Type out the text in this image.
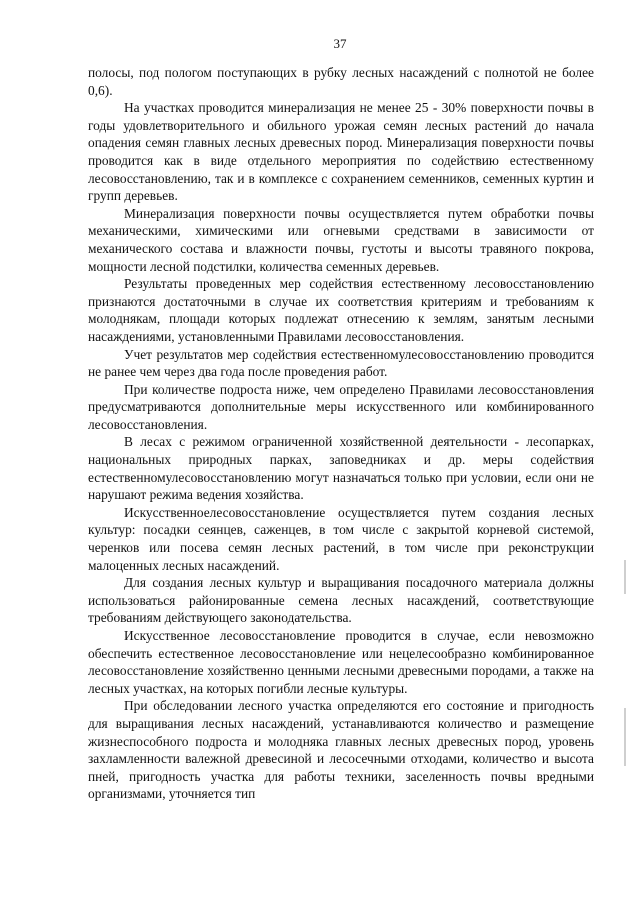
37

полосы, под пологом поступающих в рубку лесных насаждений с полнотой не более 0,6).

На участках проводится минерализация не менее 25 - 30% поверхности почвы в годы удовлетворительного и обильного урожая семян лесных растений до начала опадения семян главных лесных древесных пород. Минерализация поверхности почвы проводится как в виде отдельного мероприятия по содействию естественному лесовосстановлению, так и в комплексе с сохранением семенников, семенных куртин и групп деревьев.

Минерализация поверхности почвы осуществляется путем обработки почвы механическими, химическими или огневыми средствами в зависимости от механического состава и влажности почвы, густоты и высоты травяного покрова, мощности лесной подстилки, количества семенных деревьев.

Результаты проведенных мер содействия естественному лесовосстановлению признаются достаточными в случае их соответствия критериям и требованиям к молоднякам, площади которых подлежат отнесению к землям, занятым лесными насаждениями, установленными Правилами лесовосстановления.

Учет результатов мер содействия естественномулесовосстановлению проводится не ранее чем через два года после проведения работ.

При количестве подроста ниже, чем определено Правилами лесовосстановления предусматриваются дополнительные меры искусственного или комбинированного лесовосстановления.

В лесах с режимом ограниченной хозяйственной деятельности - лесопарках, национальных природных парках, заповедниках и др. меры содействия естественномулесовосстановлению могут назначаться только при условии, если они не нарушают режима ведения хозяйства.

Искусственноелесовосстановление осуществляется путем создания лесных культур: посадки сеянцев, саженцев, в том числе с закрытой корневой системой, черенков или посева семян лесных растений, в том числе при реконструкции малоценных лесных насаждений.

Для создания лесных культур и выращивания посадочного материала должны использоваться районированные семена лесных насаждений, соответствующие требованиям действующего законодательства.

Искусственное лесовосстановление проводится в случае, если невозможно обеспечить естественное лесовосстановление или нецелесообразно комбинированное лесовосстановление хозяйственно ценными лесными древесными породами, а также на лесных участках, на которых погибли лесные культуры.

При обследовании лесного участка определяются его состояние и пригодность для выращивания лесных насаждений, устанавливаются количество и размещение жизнеспособного подроста и молодняка главных лесных древесных пород, уровень захламленности валежной древесиной и лесосечными отходами, количество и высота пней, пригодность участка для работы техники, заселенность почвы вредными организмами, уточняется тип
